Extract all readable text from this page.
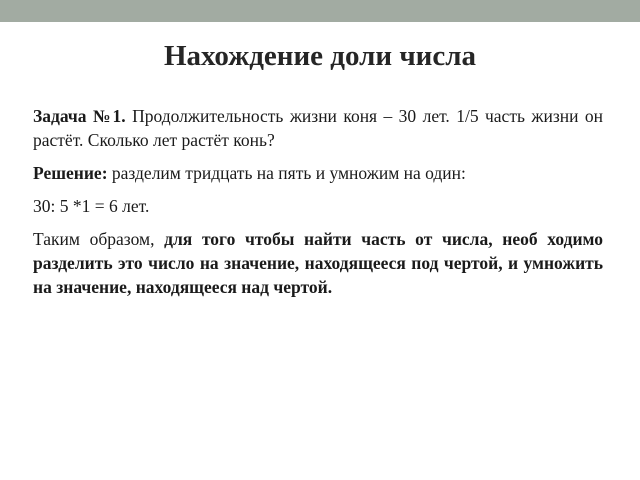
Нахождение доли числа

Задача №1. Продолжительность жизни коня – 30 лет. 1/5 часть жизни он растёт. Сколько лет растёт конь?

Решение: разделим тридцать на пять и умножим на один:

30: 5 *1 = 6 лет.

Таким образом, для того чтобы найти часть от числа, необ ходимо разделить это число на значение, находящееся под чертой, и умножить на значение, находящееся над чертой.
